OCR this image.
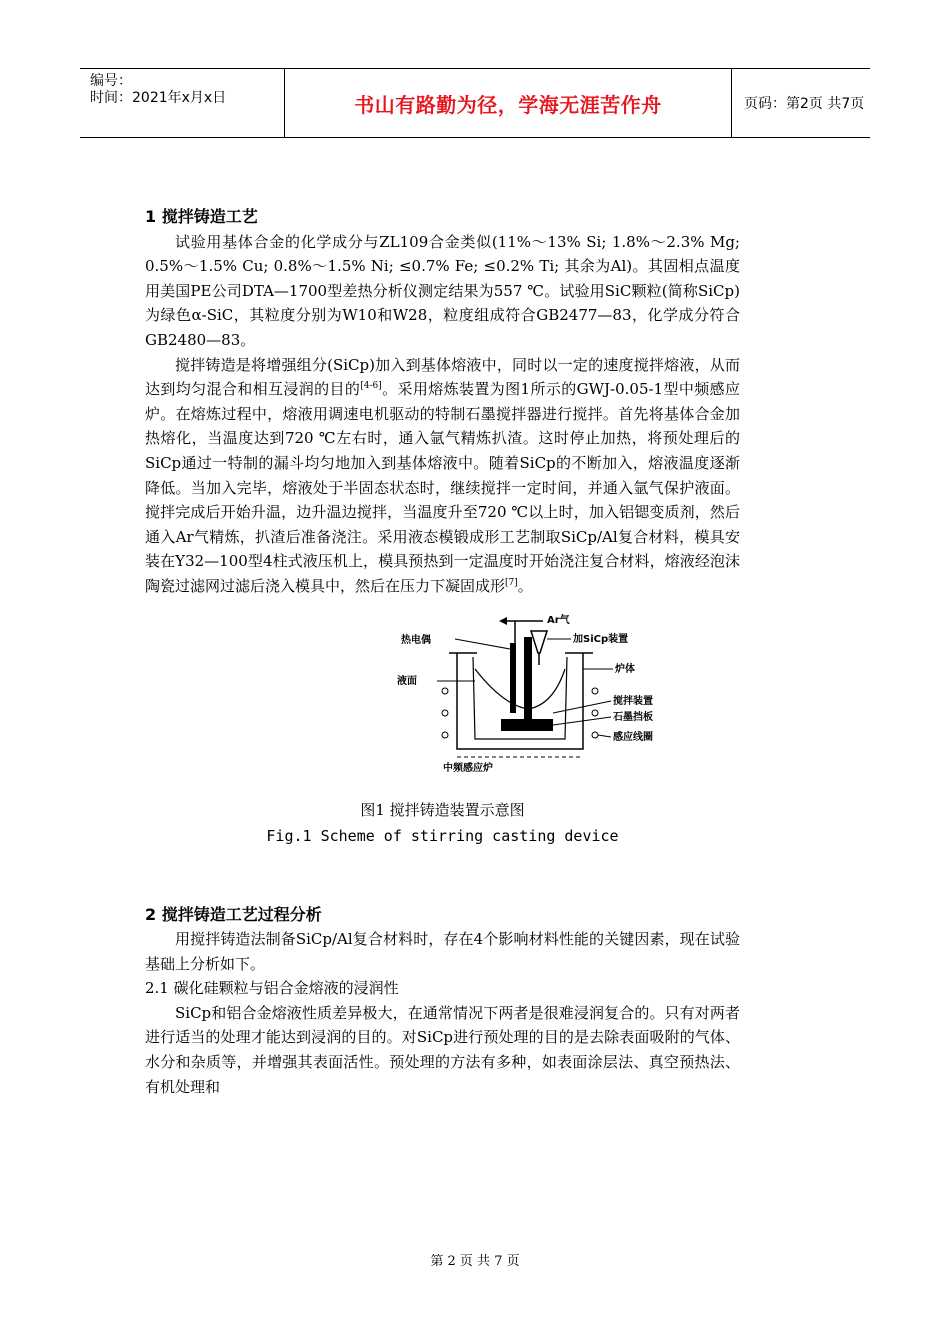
编号：
时间：2021年x月x日	书山有路勤为径，学海无涯苦作舟	页码：第2页 共7页

1 搅拌铸造工艺

试验用基体合金的化学成分与ZL109合金类似(11%～13% Si; 1.8%～2.3% Mg; 0.5%～1.5% Cu; 0.8%～1.5% Ni; ≤0.7% Fe; ≤0.2% Ti; 其余为Al)。其固相点温度用美国PE公司DTA—1700型差热分析仪测定结果为557 ℃。试验用SiC颗粒(简称SiCp)为绿色α-SiC，其粒度分别为W10和W28，粒度组成符合GB2477—83，化学成分符合GB2480—83。

搅拌铸造是将增强组分(SiCp)加入到基体熔液中，同时以一定的速度搅拌熔液，从而达到均匀混合和相互浸润的目的[4-6]。采用熔炼装置为图1所示的GWJ-0.05-1型中频感应炉。在熔炼过程中，熔液用调速电机驱动的特制石墨搅拌器进行搅拌。首先将基体合金加热熔化，当温度达到720 ℃左右时，通入氩气精炼扒渣。这时停止加热，将预处理后的SiCp通过一特制的漏斗均匀地加入到基体熔液中。随着SiCp的不断加入，熔液温度逐渐降低。当加入完毕，熔液处于半固态状态时，继续搅拌一定时间，并通入氩气保护液面。搅拌完成后开始升温，边升温边搅拌，当温度升至720 ℃以上时，加入铝锶变质剂，然后通入Ar气精炼，扒渣后准备浇注。采用液态模锻成形工艺制取SiCp/Al复合材料，模具安装在Y32—100型4柱式液压机上，模具预热到一定温度时开始浇注复合材料，熔液经泡沫陶瓷过滤网过滤后浇入模具中，然后在压力下凝固成形[7]。

Ar气
加SiCp装置
热电偶
液面
炉体
搅拌装置
石墨挡板
感应线圈
中频感应炉

图1 搅拌铸造装置示意图

Fig.1 Scheme of stirring casting device

2 搅拌铸造工艺过程分析

用搅拌铸造法制备SiCp/Al复合材料时，存在4个影响材料性能的关键因素，现在试验基础上分析如下。

2.1 碳化硅颗粒与铝合金熔液的浸润性

SiCp和铝合金熔液性质差异极大，在通常情况下两者是很难浸润复合的。只有对两者进行适当的处理才能达到浸润的目的。对SiCp进行预处理的目的是去除表面吸附的气体、水分和杂质等，并增强其表面活性。预处理的方法有多种，如表面涂层法、真空预热法、有机处理和

第 2 页 共 7 页
